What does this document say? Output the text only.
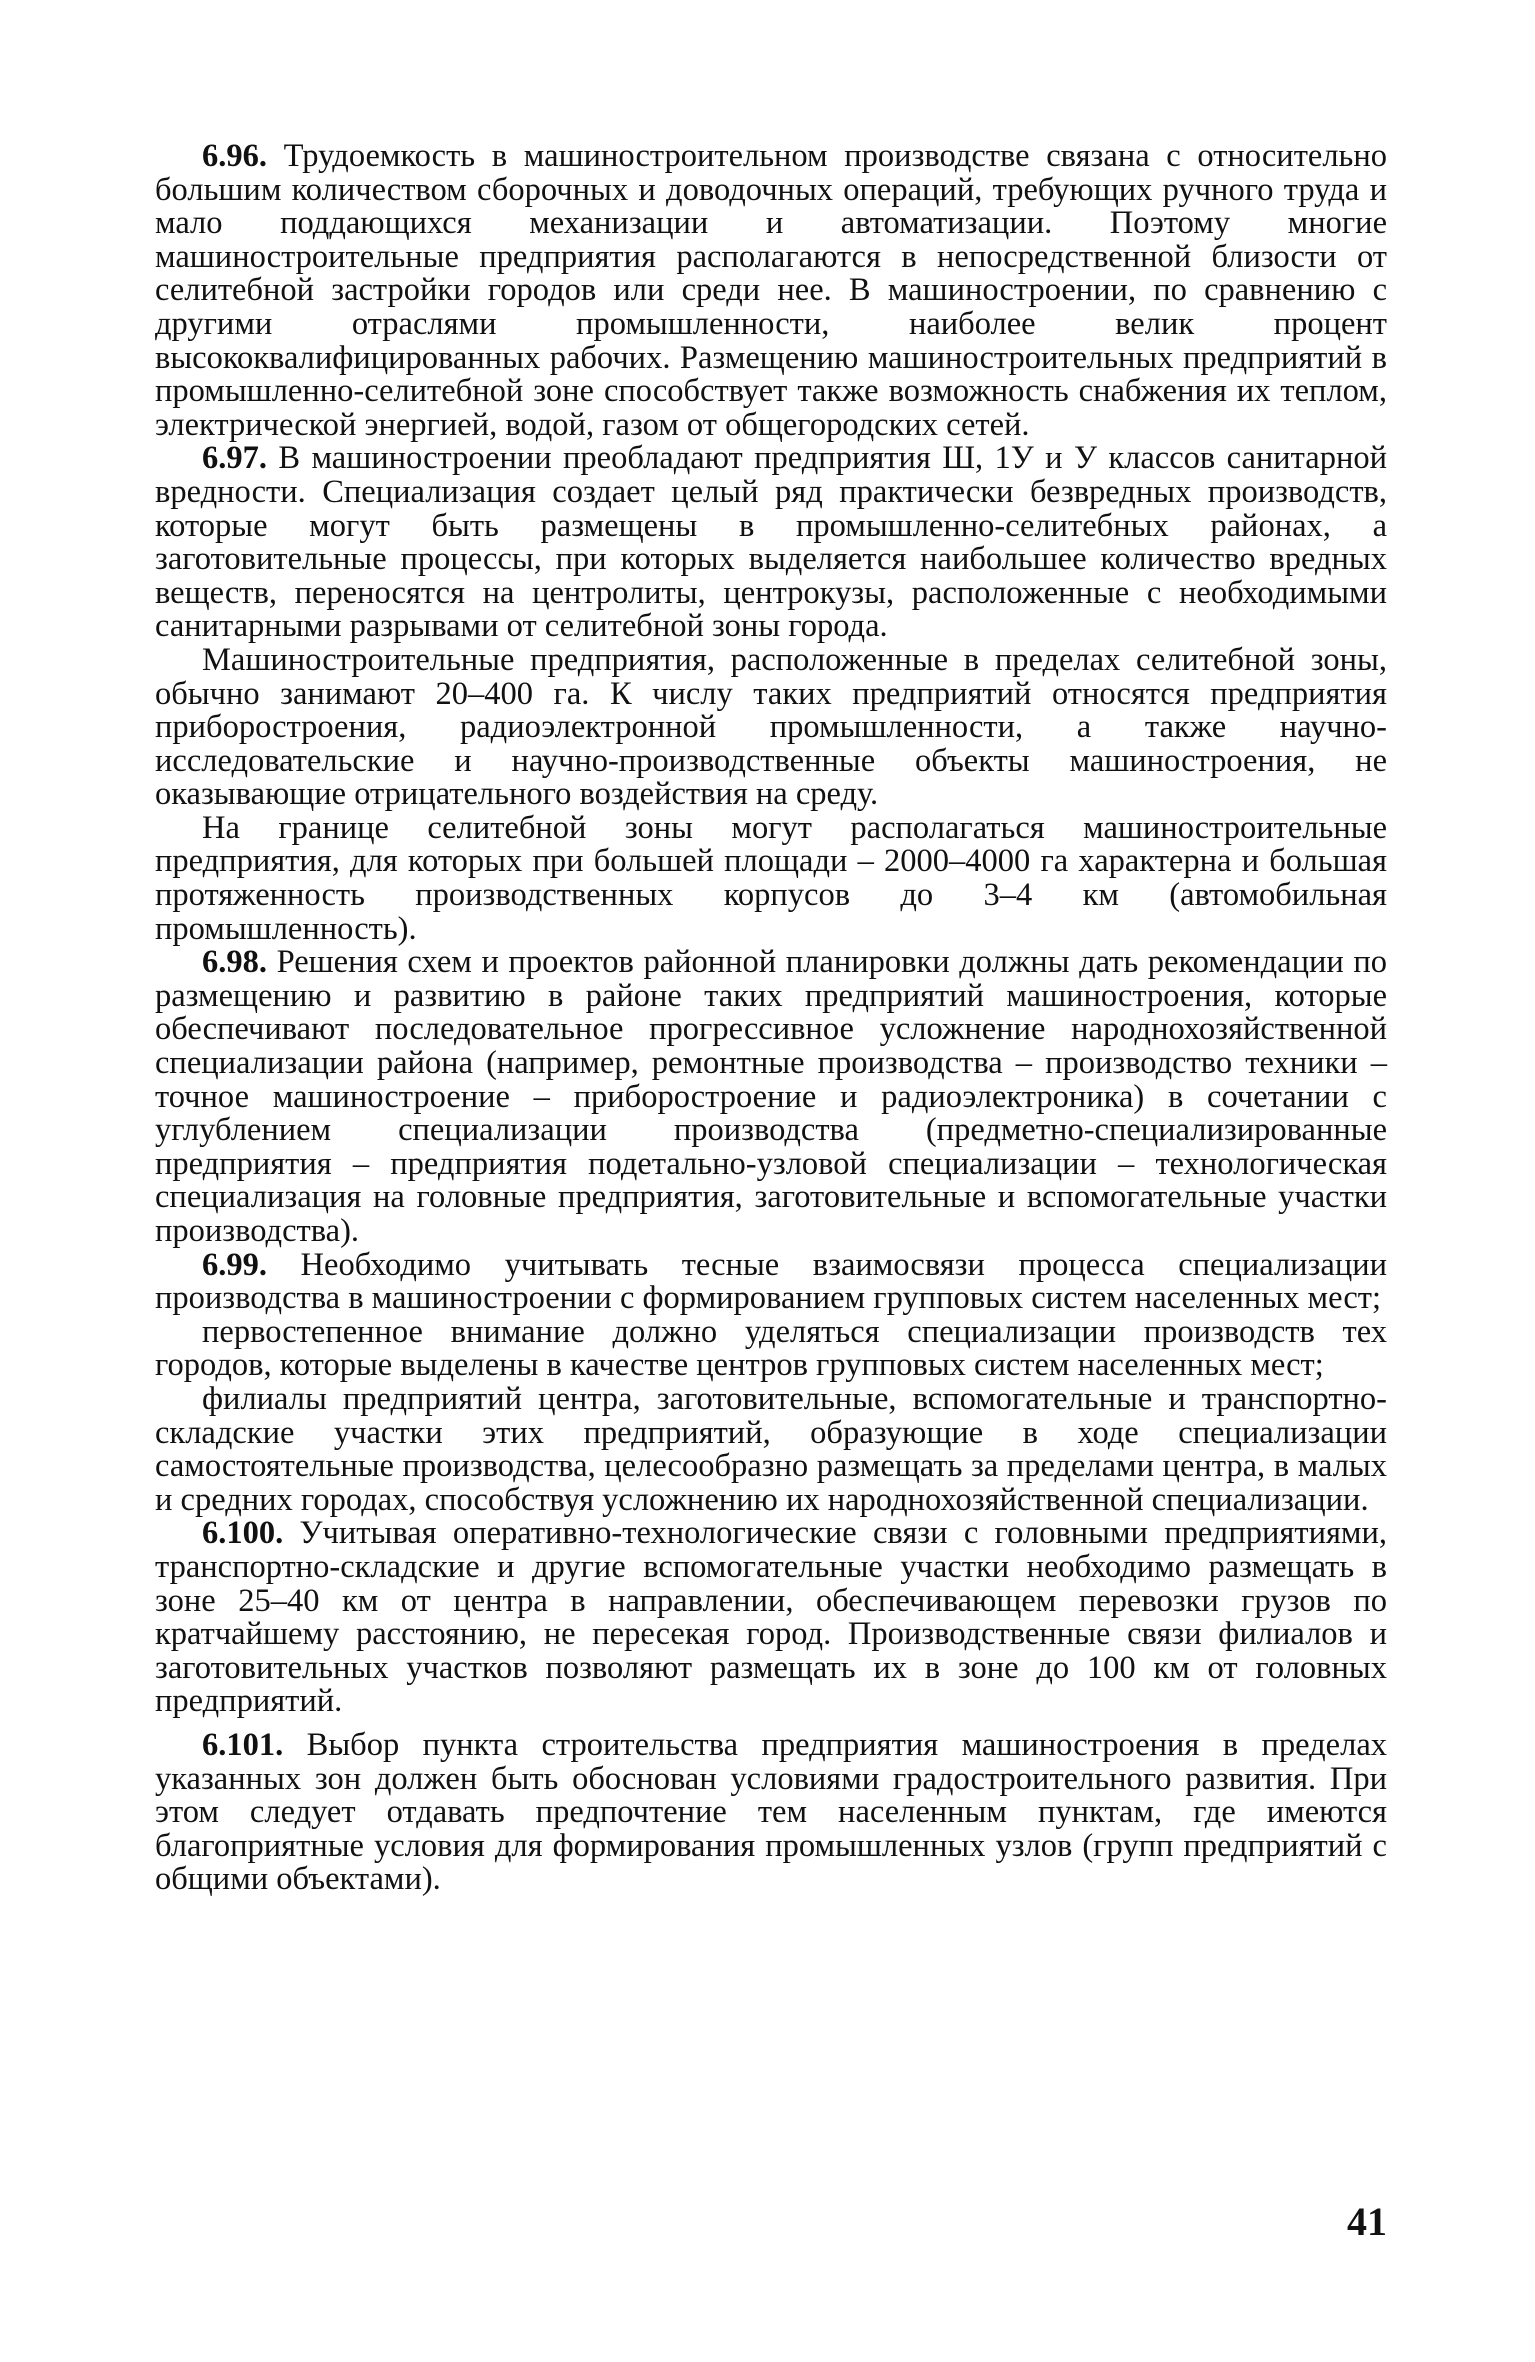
6.96. Трудоемкость в машиностроительном производстве связана с относительно большим количеством сборочных и доводочных операций, требующих ручного труда и мало поддающихся механизации и автоматизации. Поэтому многие машиностроительные предприятия располагаются в непосредственной близости от селитебной застройки городов или среди нее. В машиностроении, по сравнению с другими отраслями промышленности, наиболее велик процент высококвалифицированных рабочих. Размещению машиностроительных предприятий в промышленно-селитебной зоне способствует также возможность снабжения их теплом, электрической энергией, водой, газом от общегородских сетей.

6.97. В машиностроении преобладают предприятия Ш, 1У и У классов санитарной вредности. Специализация создает целый ряд практически безвредных производств, которые могут быть размещены в промышленно-селитебных районах, а заготовительные процессы, при которых выделяется наибольшее количество вредных веществ, переносятся на центролиты, центрокузы, расположенные с необходимыми санитарными разрывами от селитебной зоны города.

Машиностроительные предприятия, расположенные в пределах селитебной зоны, обычно занимают 20–400 га. К числу таких предприятий относятся предприятия приборостроения, радиоэлектронной промышленности, а также научно-исследовательские и научно-производственные объекты машиностроения, не оказывающие отрицательного воздействия на среду.

На границе селитебной зоны могут располагаться машиностроительные предприятия, для которых при большей площади – 2000–4000 га характерна и большая протяженность производственных корпусов до 3–4 км (автомобильная промышленность).

6.98. Решения схем и проектов районной планировки должны дать рекомендации по размещению и развитию в районе таких предприятий машиностроения, которые обеспечивают последовательное прогрессивное усложнение народнохозяйственной специализации района (например, ремонтные производства – производство техники – точное машиностроение – приборостроение и радиоэлектроника) в сочетании с углублением специализации производства (предметно-специализированные предприятия – предприятия подетально-узловой специализации – технологическая специализация на головные предприятия, заготовительные и вспомогательные участки производства).

6.99. Необходимо учитывать тесные взаимосвязи процесса специализации производства в машиностроении с формированием групповых систем населенных мест;

первостепенное внимание должно уделяться специализации производств тех городов, которые выделены в качестве центров групповых систем населенных мест;

филиалы предприятий центра, заготовительные, вспомогательные и транспортно-складские участки этих предприятий, образующие в ходе специализации самостоятельные производства, целесообразно размещать за пределами центра, в малых и средних городах, способствуя усложнению их народнохозяйственной специализации.

6.100. Учитывая оперативно-технологические связи с головными предприятиями, транспортно-складские и другие вспомогательные участки необходимо размещать в зоне 25–40 км от центра в направлении, обеспечивающем перевозки грузов по кратчайшему расстоянию, не пересекая город. Производственные связи филиалов и заготовительных участков позволяют размещать их в зоне до 100 км от головных предприятий.

6.101. Выбор пункта строительства предприятия машиностроения в пределах указанных зон должен быть обоснован условиями градостроительного развития. При этом следует отдавать предпочтение тем населенным пунктам, где имеются благоприятные условия для формирования промышленных узлов (групп предприятий с общими объектами).

41
